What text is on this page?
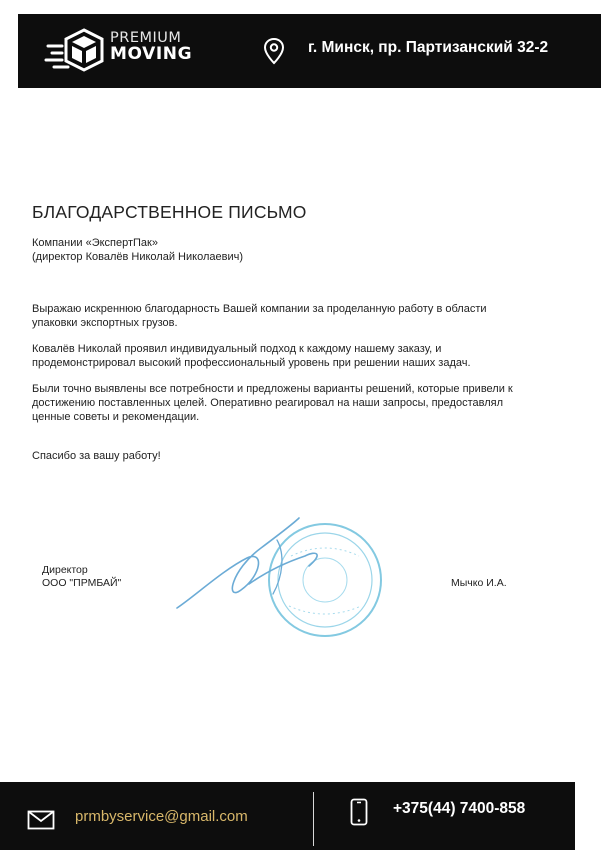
PREMIUM
MOVING	г. Минск, пр. Партизанский 32-2
БЛАГОДАРСТВЕННОЕ ПИСЬМО
Компании «ЭкспертПак»
(директор Ковалёв Николай Николаевич)
Выражаю искреннюю благодарность Вашей компании за проделанную работу в области
упаковки экспортных грузов.
Ковалёв Николай проявил индивидуальный подход к каждому нашему заказу, и
продемонстрировал высокий профессиональный уровень при решении наших задач.
Были точно выявлены все потребности и предложены варианты решений, которые привели к
достижению поставленных целей. Оперативно реагировал на наши запросы, предоставлял
ценные советы и рекомендации.
Спасибо за вашу работу!
Директор
ООО "ПРМБАЙ"	Мычко И.А.
prmbyservice@gmail.com	+375(44) 7400-858
